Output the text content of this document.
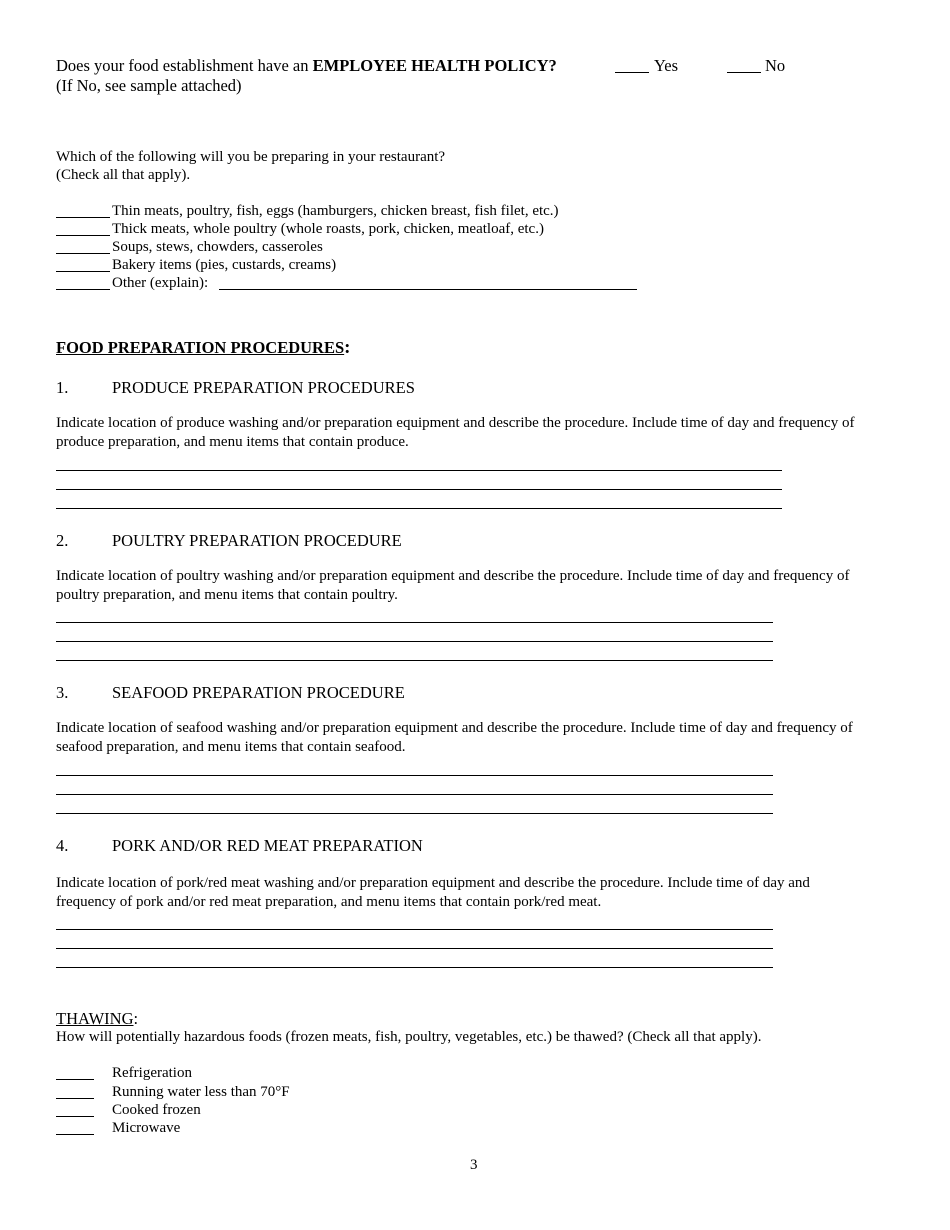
Does your food establishment have an EMPLOYEE HEALTH POLICY?	Yes	No
(If No, see sample attached)
Which of the following will you be preparing in your restaurant?
(Check all that apply).
Thin meats, poultry, fish, eggs (hamburgers, chicken breast, fish filet, etc.)
Thick meats, whole poultry (whole roasts, pork, chicken, meatloaf, etc.)
Soups, stews, chowders, casseroles
Bakery items (pies, custards, creams)
Other (explain):
FOOD PREPARATION PROCEDURES:
1.	PRODUCE PREPARATION PROCEDURES
Indicate location of produce washing and/or preparation equipment and describe the procedure. Include time of day and frequency of produce preparation, and menu items that contain produce.
2.	POULTRY PREPARATION PROCEDURE
Indicate location of poultry washing and/or preparation equipment and describe the procedure. Include time of day and frequency of poultry preparation, and menu items that contain poultry.
3.	SEAFOOD PREPARATION PROCEDURE
Indicate location of seafood washing and/or preparation equipment and describe the procedure. Include time of day and frequency of seafood preparation, and menu items that contain seafood.
4.	PORK AND/OR RED MEAT PREPARATION
Indicate location of pork/red meat washing and/or preparation equipment and describe the procedure. Include time of day and frequency of pork and/or red meat preparation, and menu items that contain pork/red meat.
THAWING:
How will potentially hazardous foods (frozen meats, fish, poultry, vegetables, etc.) be thawed? (Check all that apply).
Refrigeration
Running water less than 70°F
Cooked frozen
Microwave
3
